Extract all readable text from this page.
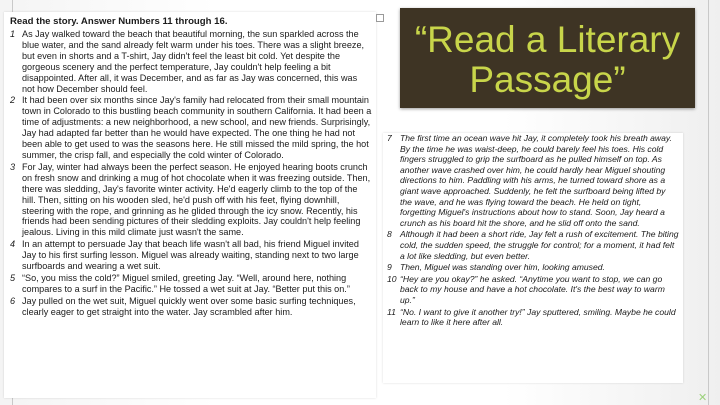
Read the story. Answer Numbers 11 through 16.
1 As Jay walked toward the beach that beautiful morning, the sun sparkled across the blue water, and the sand already felt warm under his toes. There was a slight breeze, but even in shorts and a T-shirt, Jay didn't feel the least bit cold. Yet despite the gorgeous scenery and the perfect temperature, Jay couldn't help feeling a bit disappointed. After all, it was December, and as far as Jay was concerned, this was not how December should feel.
2 It had been over six months since Jay's family had relocated from their small mountain town in Colorado to this bustling beach community in southern California. It had been a time of adjustments: a new neighborhood, a new school, and new friends. Surprisingly, Jay had adapted far better than he would have expected. The one thing he had not been able to get used to was the seasons here. He still missed the mild spring, the hot summer, the crisp fall, and especially the cold winter of Colorado.
3 For Jay, winter had always been the perfect season. He enjoyed hearing boots crunch on fresh snow and drinking a mug of hot chocolate when it was freezing outside. Then, there was sledding, Jay's favorite winter activity. He'd eagerly climb to the top of the hill. Then, sitting on his wooden sled, he'd push off with his feet, flying downhill, steering with the rope, and grinning as he glided through the icy snow. Recently, his friends had been sending pictures of their sledding exploits. Jay couldn't help feeling jealous. Living in this mild climate just wasn't the same.
4 In an attempt to persuade Jay that beach life wasn't all bad, his friend Miguel invited Jay to his first surfing lesson. Miguel was already waiting, standing next to two large surfboards and wearing a wet suit.
5 “So, you miss the cold?” Miguel smiled, greeting Jay. “Well, around here, nothing compares to a surf in the Pacific.” He tossed a wet suit at Jay. “Better put this on.”
6 Jay pulled on the wet suit, Miguel quickly went over some basic surfing techniques, clearly eager to get straight into the water. Jay scrambled after him.
7 The first time an ocean wave hit Jay, it completely took his breath away. By the time he was waist-deep, he could barely feel his toes. His cold fingers struggled to grip the surfboard as he pulled himself on top. As another wave crashed over him, he could hardly hear Miguel shouting directions to him. Paddling with his arms, he turned toward shore as a giant wave approached. Suddenly, he felt the surfboard being lifted by the wave, and he was flying toward the beach. He held on tight, forgetting Miguel's instructions about how to stand. Soon, Jay heard a crunch as his board hit the shore, and he slid off onto the sand.
8 Although it had been a short ride, Jay felt a rush of excitement. The biting cold, the sudden speed, the struggle for control; for a moment, it had felt a lot like sledding, but even better.
9 Then, Miguel was standing over him, looking amused.
10 “Hey are you okay?” he asked. “Anytime you want to stop, we can go back to my house and have a hot chocolate. It's the best way to warm up.”
11 “No. I want to give it another try!” Jay sputtered, smiling. Maybe he could learn to like it here after all.
“Read a Literary
Passage”
✕
